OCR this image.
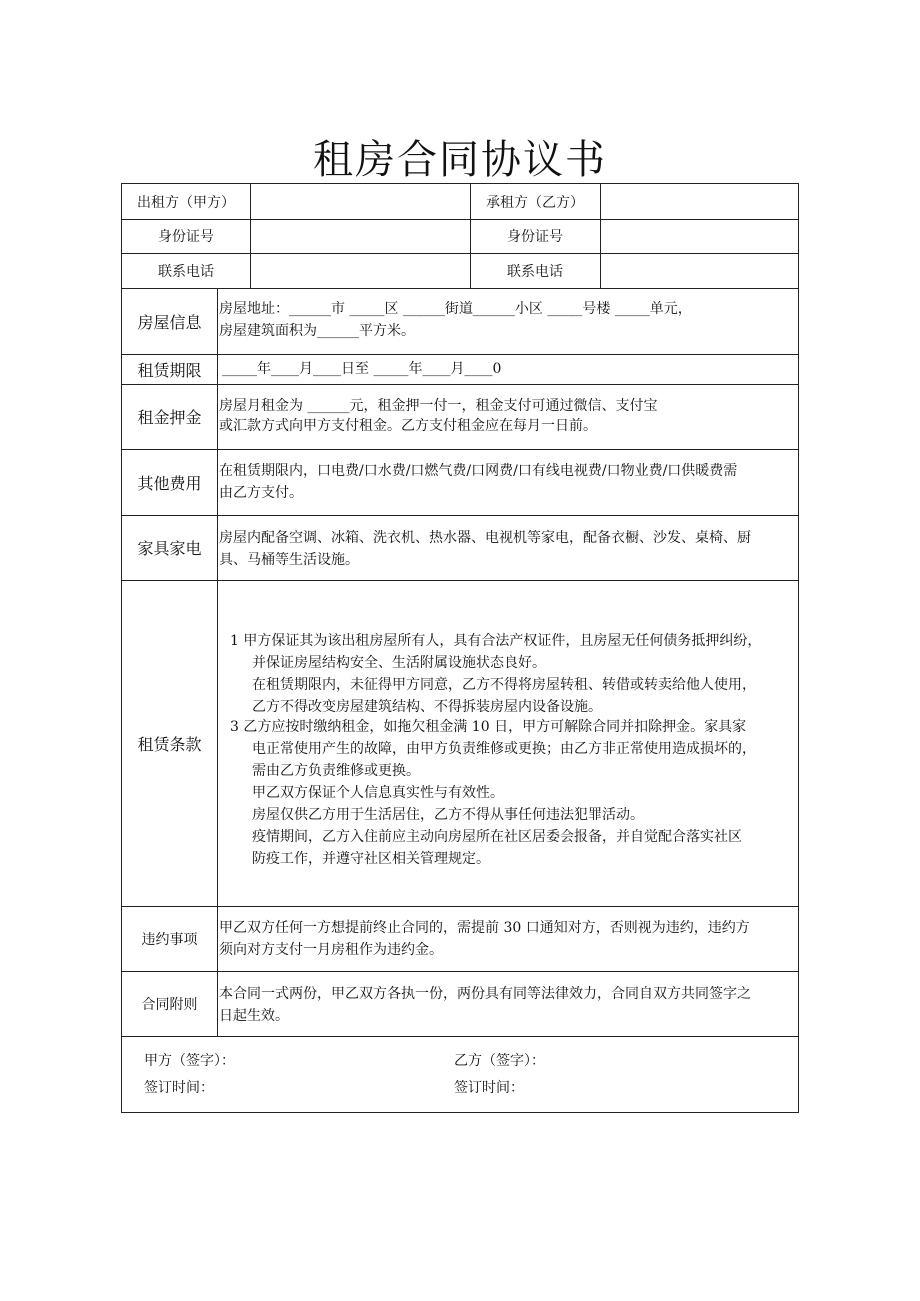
租房合同协议书
出租方（甲方）	承租方（乙方）
身份证号	身份证号
联系电话	联系电话
房屋信息
房屋地址：______市 _____区 ______街道______小区 _____号楼 _____单元，
房屋建筑面积为______平方米。
租赁期限	_____年____月____日至 _____年____月____0
租金押金
房屋月租金为 ______元，租金押一付一，租金支付可通过微信、支付宝
或汇款方式向甲方支付租金。乙方支付租金应在每月一日前。
其他费用
在租赁期限内，口电费/口水费/口燃气费/口网费/口有线电视费/口物业费/口供暖费需
由乙方支付。
家具家电
房屋内配备空调、冰箱、洗衣机、热水器、电视机等家电，配备衣橱、沙发、桌椅、厨
具、马桶等生活设施。
租赁条款
1 甲方保证其为该出租房屋所有人，具有合法产权证件，且房屋无任何债务抵押纠纷，
并保证房屋结构安全、生活附属设施状态良好。
在租赁期限内，未征得甲方同意，乙方不得将房屋转租、转借或转卖给他人使用，
乙方不得改变房屋建筑结构、不得拆装房屋内设备设施。
3 乙方应按时缴纳租金，如拖欠租金满 10 日，甲方可解除合同并扣除押金。家具家
电正常使用产生的故障，由甲方负责维修或更换；由乙方非正常使用造成损坏的，
需由乙方负责维修或更换。
甲乙双方保证个人信息真实性与有效性。
房屋仅供乙方用于生活居住，乙方不得从事任何违法犯罪活动。
疫情期间，乙方入住前应主动向房屋所在社区居委会报备，并自觉配合落实社区
防疫工作，并遵守社区相关管理规定。
违约事项
甲乙双方任何一方想提前终止合同的，需提前 30 口通知对方，否则视为违约，违约方
须向对方支付一月房租作为违约金。
合同附则
本合同一式两份，甲乙双方各执一份，两份具有同等法律效力，合同自双方共同签字之
日起生效。
甲方（签字）：	乙方（签字）：
签订时间：	签订时间：
